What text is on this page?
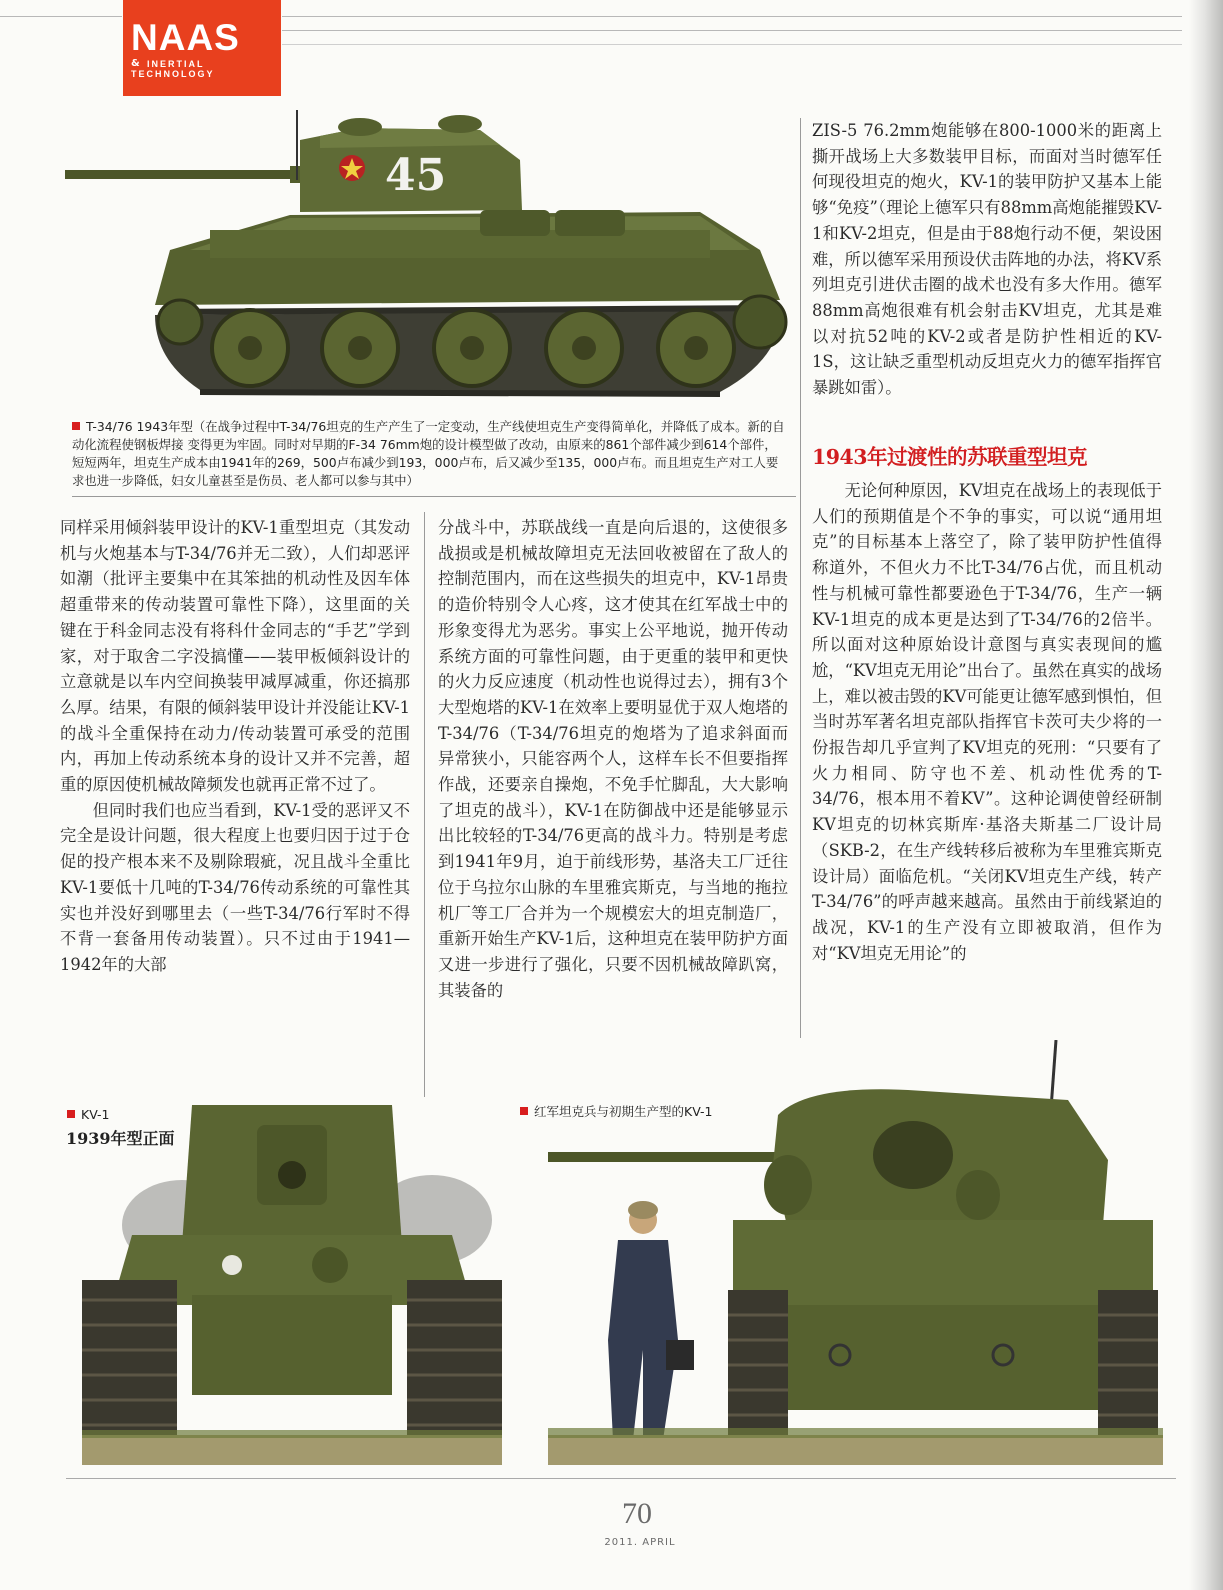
NAAS
INERTIAL
TECHNOLOGY
&
45
T-34/76 1943年型（在战争过程中T-34/76坦克的生产产生了一定变动，生产线使坦克生产变得简单化，并降低了成本。新的自动化流程使钢板焊接 变得更为牢固。同时对早期的F-34 76mm炮的设计模型做了改动，由原来的861个部件减少到614个部件，短短两年，坦克生产成本由1941年的269，500卢布减少到193，000卢布，后又减少至135，000卢布。而且坦克生产对工人要求也进一步降低，妇女儿童甚至是伤员、老人都可以参与其中）

同样采用倾斜装甲设计的KV-1重型坦克（其发动机与火炮基本与T-34/76并无二致），人们却恶评如潮（批评主要集中在其笨拙的机动性及因车体超重带来的传动装置可靠性下降），这里面的关键在于科金同志没有将科什金同志的“手艺”学到家，对于取舍二字没搞懂——装甲板倾斜设计的立意就是以车内空间换装甲减厚减重，你还搞那么厚。结果，有限的倾斜装甲设计并没能让KV-1的战斗全重保持在动力/传动装置可承受的范围内，再加上传动系统本身的设计又并不完善，超重的原因使机械故障频发也就再正常不过了。

但同时我们也应当看到，KV-1受的恶评又不完全是设计问题，很大程度上也要归因于过于仓促的投产根本来不及剔除瑕疵，况且战斗全重比KV-1要低十几吨的T-34/76传动系统的可靠性其实也并没好到哪里去（一些T-34/76行军时不得不背一套备用传动装置）。只不过由于1941—1942年的大部

分战斗中，苏联战线一直是向后退的，这使很多战损或是机械故障坦克无法回收被留在了敌人的控制范围内，而在这些损失的坦克中，KV-1昂贵的造价特别令人心疼，这才使其在红军战士中的形象变得尤为恶劣。事实上公平地说，抛开传动系统方面的可靠性问题，由于更重的装甲和更快的火力反应速度（机动性也说得过去），拥有3个大型炮塔的KV-1在效率上要明显优于双人炮塔的T-34/76（T-34/76坦克的炮塔为了追求斜面而异常狭小，只能容两个人，这样车长不但要指挥作战，还要亲自操炮，不免手忙脚乱，大大影响了坦克的战斗），KV-1在防御战中还是能够显示出比较轻的T-34/76更高的战斗力。特别是考虑到1941年9月，迫于前线形势，基洛夫工厂迁往位于乌拉尔山脉的车里雅宾斯克，与当地的拖拉机厂等工厂合并为一个规模宏大的坦克制造厂，重新开始生产KV-1后，这种坦克在装甲防护方面又进一步进行了强化，只要不因机械故障趴窝，其装备的

ZIS-5 76.2mm炮能够在800-1000米的距离上撕开战场上大多数装甲目标，而面对当时德军任何现役坦克的炮火，KV-1的装甲防护又基本上能够“免疫”（理论上德军只有88mm高炮能摧毁KV-1和KV-2坦克，但是由于88炮行动不便，架设困难，所以德军采用预设伏击阵地的办法，将KV系列坦克引进伏击圈的战术也没有多大作用。德军88mm高炮很难有机会射击KV坦克，尤其是难以对抗52吨的KV-2或者是防护性相近的KV-1S，这让缺乏重型机动反坦克火力的德军指挥官暴跳如雷）。

1943年过渡性的苏联重型坦克

无论何种原因，KV坦克在战场上的表现低于人们的预期值是个不争的事实，可以说“通用坦克”的目标基本上落空了，除了装甲防护性值得称道外，不但火力不比T-34/76占优，而且机动性与机械可靠性都要逊色于T-34/76，生产一辆KV-1坦克的成本更是达到了T-34/76的2倍半。所以面对这种原始设计意图与真实表现间的尴尬，“KV坦克无用论”出台了。虽然在真实的战场上，难以被击毁的KV可能更让德军感到惧怕，但当时苏军著名坦克部队指挥官卡茨可夫少将的一份报告却几乎宣判了KV坦克的死刑：“只要有了火力相同、防守也不差、机动性优秀的T-34/76，根本用不着KV”。这种论调使曾经研制KV坦克的切林宾斯库·基洛夫斯基二厂设计局（SKB-2，在生产线转移后被称为车里雅宾斯克设计局）面临危机。“关闭KV坦克生产线，转产T-34/76”的呼声越来越高。虽然由于前线紧迫的战况，KV-1的生产没有立即被取消，但作为对“KV坦克无用论”的

KV-1
1939年型正面
红军坦克兵与初期生产型的KV-1
70
2011. APRIL
